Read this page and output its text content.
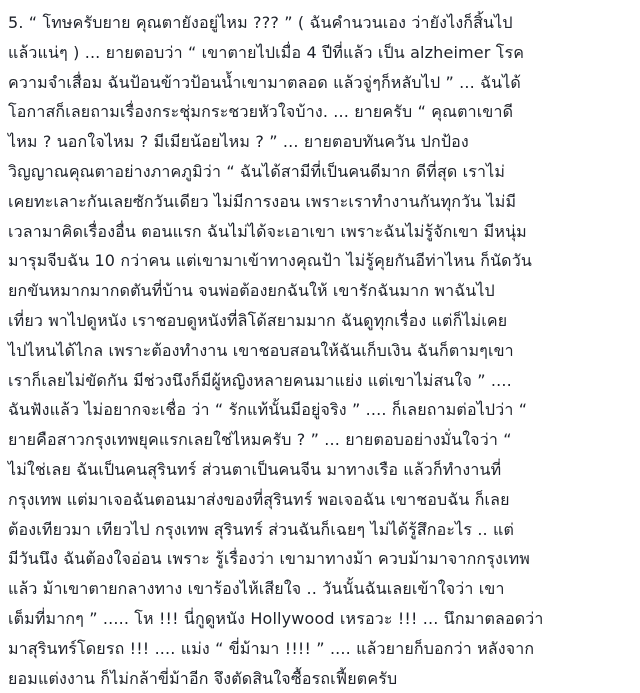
5. “ โทษครับยาย คุณตายังอยู่ไหม ??? ” ( ฉันคำนวนเอง ว่ายังไงก็สิ้นไป
แล้วแน่ๆ ) ... ยายตอบว่า “ เขาตายไปเมื่อ 4 ปีที่แล้ว เป็น alzheimer โรค
ความจำเสื่อม ฉันป้อนข้าวป้อนน้ำเขามาตลอด แล้วจู่ๆก็หลับไป ” ... ฉันได้
โอกาสก็เลยถามเรื่องกระชุ่มกระชวยหัวใจบ้าง. ... ยายครับ “ คุณตาเขาดี
ไหม ? นอกใจไหม ? มีเมียน้อยไหม ? ” ... ยายตอบทันควัน ปกป้อง
วิญญาณคุณตาอย่างภาคภูมิว่า “ ฉันได้สามีที่เป็นคนดีมาก ดีที่สุด เราไม่
เคยทะเลาะกันเลยซักวันเดียว ไม่มีการงอน เพราะเราทำงานกันทุกวัน ไม่มี
เวลามาคิดเรื่องอื่น ตอนแรก ฉันไม่ได้จะเอาเขา เพราะฉันไม่รู้จักเขา มีหนุ่ม
มารุมจีบฉัน 10 กว่าคน แต่เขามาเข้าทางคุณป้า ไม่รู้คุยกันอีท่าไหน ก็นัดวัน
ยกขันหมากมากดตันที่บ้าน จนพ่อต้องยกฉันให้ เขารักฉันมาก พาฉันไป
เที่ยว พาไปดูหนัง เราชอบดูหนังที่ลิโด้สยามมาก ฉันดูทุกเรื่อง แต่ก็ไม่เคย
ไปไหนได้ไกล เพราะต้องทำงาน เขาชอบสอนให้ฉันเก็บเงิน ฉันก็ตามๆเขา
เราก็เลยไม่ขัดกัน มีช่วงนึงก็มีผู้หญิงหลายคนมาแย่ง แต่เขาไม่สนใจ ” ....
ฉันฟังแล้ว ไม่อยากจะเชื่อ ว่า “ รักแท้นั้นมีอยู่จริง ” .... ก็เลยถามต่อไปว่า “
ยายคือสาวกรุงเทพยุคแรกเลยใช่ไหมครับ ? ” ... ยายตอบอย่างมั่นใจว่า “
ไม่ใช่เลย ฉันเป็นคนสุรินทร์ ส่วนตาเป็นคนจีน มาทางเรือ แล้วก็ทำงานที่
กรุงเทพ แต่มาเจอฉันตอนมาส่งของที่สุรินทร์ พอเจอฉัน เขาชอบฉัน ก็เลย
ต้องเทียวมา เทียวไป กรุงเทพ สุรินทร์ ส่วนฉันก็เฉยๆ ไม่ได้รู้สึกอะไร .. แต่
มีวันนึง ฉันต้องใจอ่อน เพราะ รู้เรื่องว่า เขามาทางม้า ควบม้ามาจากกรุงเทพ
แล้ว ม้าเขาตายกลางทาง เขาร้องไห้เสียใจ .. วันนั้นฉันเลยเข้าใจว่า เขา
เต็มที่มากๆ ” ..... โห !!! นี่กูดูหนัง Hollywood เหรอวะ !!! ... นึกมาตลอดว่า
มาสุรินทร์โดยรถ !!! .... แม่ง “ ขี่ม้ามา !!!! ” .... แล้วยายก็บอกว่า หลังจาก
ยอมแต่งงาน ก็ไม่กล้าขี่ม้าอีก จึงตัดสินใจซื้อรถเฟี้ยตครับ
